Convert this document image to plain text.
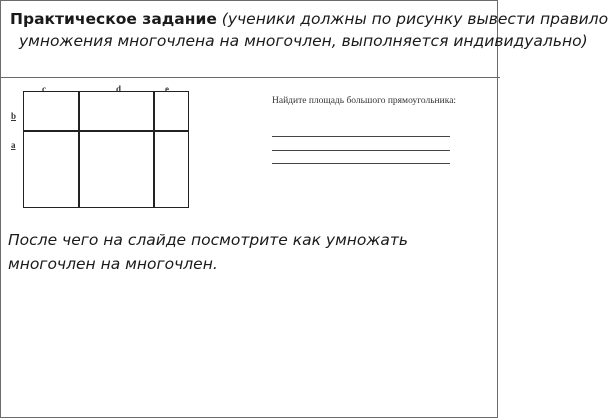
Практическое задание (ученики должны по рисунку вывести правило

умножения многочлена на многочлен, выполняется индивидуально)

c	d	e
b
a
Найдите площадь большого прямоугольника:

После чего на слайде посмотрите как умножать многочлен на многочлен.
